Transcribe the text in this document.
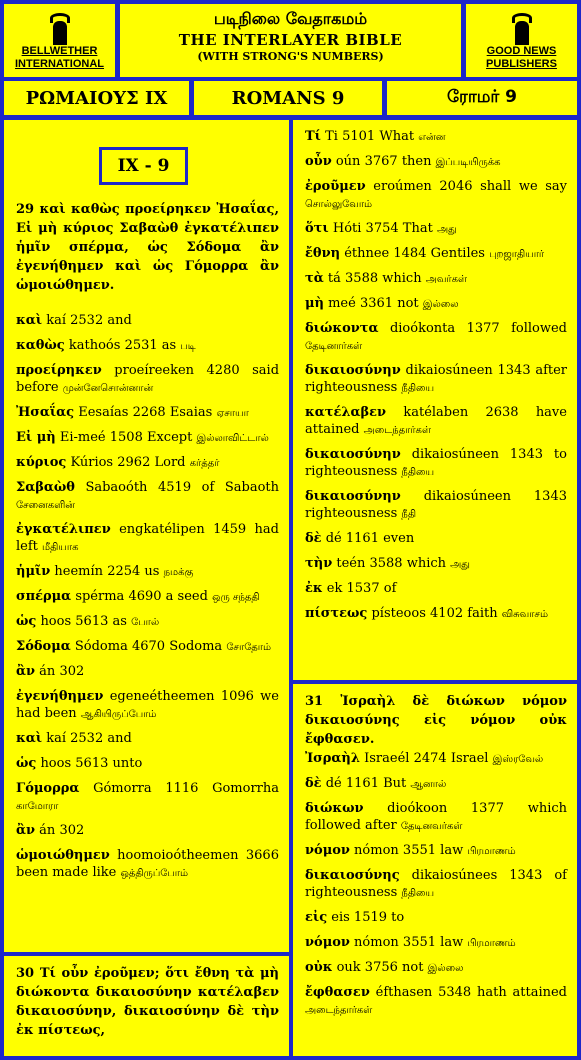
BELLWETHER
INTERNATIONAL
படிநிலை வேதாகமம்
THE INTERLAYER BIBLE
(WITH STRONG'S NUMBERS)	GOOD NEWS
PUBLISHERS
ΡΩΜΑΙΟΥΣ IX	ROMANS 9	ரோமர் 9
IX - 9
29 καὶ καθὼς προείρηκεν Ἠσαΐας, Εἰ μὴ κύριος Σαβαὼθ ἐγκατέλιπεν ἡμῖν σπέρμα, ὡς Σόδομα ἂν ἐγενήθημεν καὶ ὡς Γόμορρα ἂν ὡμοιώθημεν.
καὶ kaí 2532 and
καθὼς kathoós 2531 as படி
προείρηκεν proeíreeken 4280 said before முன்னேசொன்னான்
Ἠσαΐας Eesaías 2268 Esaias ஏசாயா
Εἰ μὴ Ei-meé 1508 Except இல்லாவிட்டால்
κύριος Kúrios 2962 Lord கர்த்தர்
Σαβαὼθ Sabaoóth 4519 of Sabaoth சேனைகளின்
ἐγκατέλιπεν engkatélipen 1459 had left மீதியாக
ἡμῖν heemín 2254 us நமக்கு
σπέρμα spérma 4690 a seed ஒரு சந்ததி
ὡς hoos 5613 as போல்
Σόδομα Sódoma 4670 Sodoma சோதோம்
ἂν án 302
ἐγενήθημεν egeneétheemen 1096 we had been ஆகியிருப்போம்
καὶ kaí 2532 and
ὡς hoos 5613 unto
Γόμορρα Gómorra 1116 Gomorrha காமோரா
ἂν án 302
ὡμοιώθημεν hoomoioótheemen 3666 been made like ஒத்திருப்போம்
30 Τί οὖν ἐροῦμεν; ὅτι ἔθνη τὰ μὴ διώκοντα δικαιοσύνην κατέλαβεν δικαιοσύνην, δικαιοσύνην δὲ τὴν ἐκ πίστεως,
Τί Ti 5101 What என்ன
οὖν oún 3767 then இப்படியிருக்க
ἐροῦμεν eroúmen 2046 shall we say சொல்லுவோம்
ὅτι Hóti 3754 That அது
ἔθνη éthnee 1484 Gentiles புறஜாதியார்
τὰ tá 3588 which அவர்கள்
μὴ meé 3361 not இல்லை
διώκοντα dioókonta 1377 followed தேடினார்கள்
δικαιοσύνην dikaiosúneen 1343 after righteousness நீதியை
κατέλαβεν katélaben 2638 have attained அடைந்தார்கள்
δικαιοσύνην dikaiosúneen 1343 to righteousness நீதியை
δικαιοσύνην dikaiosúneen 1343 righteousness நீதி
δὲ dé 1161 even
τὴν teén 3588 which அது
ἐκ ek 1537 of
πίστεως písteoos 4102 faith விசுவாசம்
31 Ἰσραὴλ δὲ διώκων νόμον δικαιοσύνης εἰς νόμον οὐκ ἔφθασεν.
Ἰσραὴλ Israeél 2474 Israel இஸ்ரவேல்
δὲ dé 1161 But ஆனால்
διώκων dioókoon 1377 which followed after தேடினவர்கள்
νόμον nómon 3551 law பிரமாணம்
δικαιοσύνης dikaiosúnees 1343 of righteousness நீதியை
εἰς eis 1519 to
νόμον nómon 3551 law பிரமாணம்
οὐκ ouk 3756 not இல்லை
ἔφθασεν éfthasen 5348 hath attained அடைந்தார்கள்
